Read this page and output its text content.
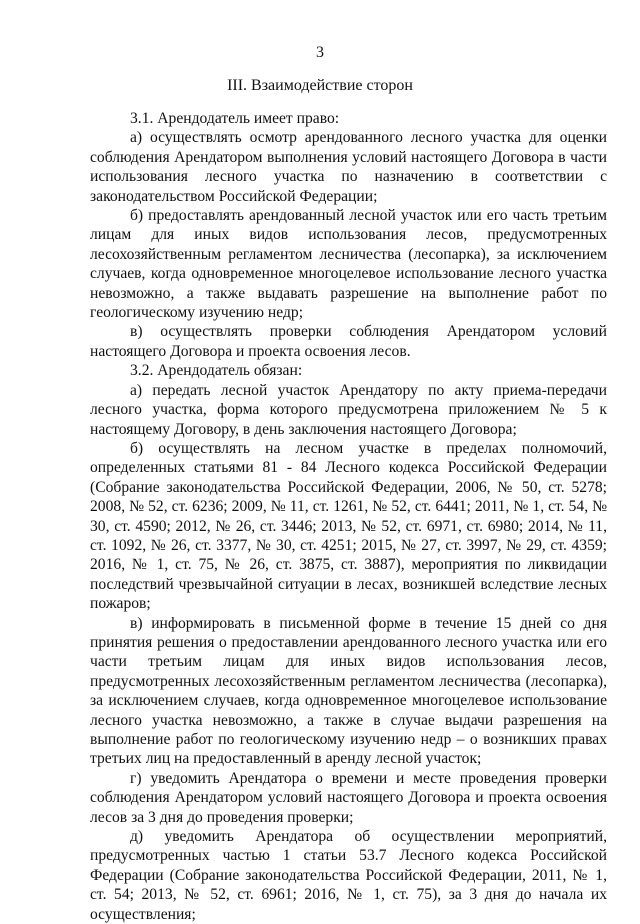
3
III. Взаимодействие сторон

3.1. Арендодатель имеет право:

а) осуществлять осмотр арендованного лесного участка для оценки соблюдения Арендатором выполнения условий настоящего Договора в части использования лесного участка по назначению в соответствии с законодательством Российской Федерации;

б) предоставлять арендованный лесной участок или его часть третьим лицам для иных видов использования лесов, предусмотренных лесохозяйственным регламентом лесничества (лесопарка), за исключением случаев, когда одновременное многоцелевое использование лесного участка невозможно, а также выдавать разрешение на выполнение работ по геологическому изучению недр;

в) осуществлять проверки соблюдения Арендатором условий настоящего Договора и проекта освоения лесов.

3.2. Арендодатель обязан:

а) передать лесной участок Арендатору по акту приема-передачи лесного участка, форма которого предусмотрена приложением № 5 к настоящему Договору, в день заключения настоящего Договора;

б) осуществлять на лесном участке в пределах полномочий, определенных статьями 81 - 84 Лесного кодекса Российской Федерации (Собрание законодательства Российской Федерации, 2006, № 50, ст. 5278; 2008, № 52, ст. 6236; 2009, № 11, ст. 1261, № 52, ст. 6441; 2011, № 1, ст. 54, № 30, ст. 4590; 2012, № 26, ст. 3446; 2013, № 52, ст. 6971, ст. 6980; 2014, № 11, ст. 1092, № 26, ст. 3377, № 30, ст. 4251; 2015, № 27, ст. 3997, № 29, ст. 4359; 2016, № 1, ст. 75, № 26, ст. 3875, ст. 3887), мероприятия по ликвидации последствий чрезвычайной ситуации в лесах, возникшей вследствие лесных пожаров;

в) информировать в письменной форме в течение 15 дней со дня принятия решения о предоставлении арендованного лесного участка или его части третьим лицам для иных видов использования лесов, предусмотренных лесохозяйственным регламентом лесничества (лесопарка), за исключением случаев, когда одновременное многоцелевое использование лесного участка невозможно, а также в случае выдачи разрешения на выполнение работ по геологическому изучению недр – о возникших правах третьих лиц на предоставленный в аренду лесной участок;

г) уведомить Арендатора о времени и месте проведения проверки соблюдения Арендатором условий настоящего Договора и проекта освоения лесов за 3 дня до проведения проверки;

д) уведомить Арендатора об осуществлении мероприятий, предусмотренных частью 1 статьи 53.7 Лесного кодекса Российской Федерации (Собрание законодательства Российской Федерации, 2011, № 1, ст. 54; 2013, № 52, ст. 6961; 2016, № 1, ст. 75), за 3 дня до начала их осуществления;
